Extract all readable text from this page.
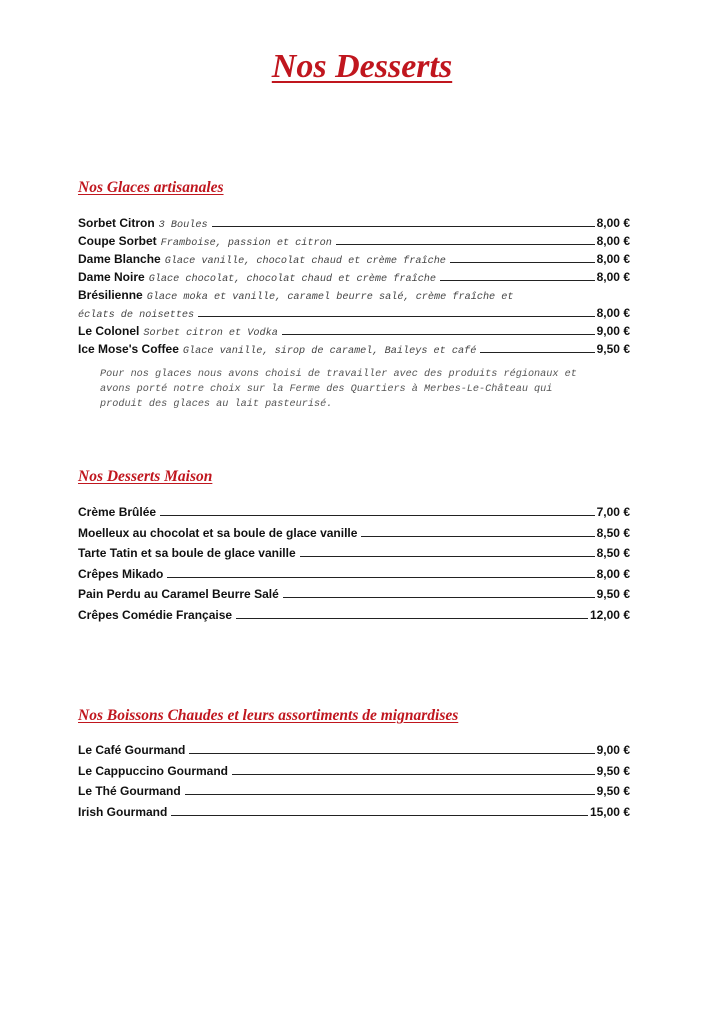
Nos Desserts
Nos Glaces artisanales
Sorbet Citron 3 Boules	8,00 €
Coupe Sorbet Framboise, passion et citron	8,00 €
Dame Blanche Glace vanille, chocolat chaud et crème fraîche	8,00 €
Dame Noire Glace chocolat, chocolat chaud et crème fraîche	8,00 €
Brésilienne Glace moka et vanille, caramel beurre salé, crème fraîche et
éclats de noisettes	8,00 €
Le Colonel Sorbet citron et Vodka	9,00 €
Ice Mose's Coffee Glace vanille, sirop de caramel, Baileys et café	9,50 €
Pour nos glaces nous avons choisi de travailler avec des produits régionaux et avons porté notre choix sur la Ferme des Quartiers à Merbes-Le-Château qui produit des glaces au lait pasteurisé.
Nos Desserts Maison
Crème Brûlée	7,00 €
Moelleux au chocolat et sa boule de glace vanille	8,50 €
Tarte Tatin et sa boule de glace vanille	8,50 €
Crêpes Mikado	8,00 €
Pain Perdu au Caramel Beurre Salé	9,50 €
Crêpes Comédie Française	12,00 €
Nos Boissons Chaudes et leurs assortiments de mignardises
Le Café Gourmand	9,00 €
Le Cappuccino Gourmand	9,50 €
Le Thé Gourmand	9,50 €
Irish Gourmand	15,00 €
